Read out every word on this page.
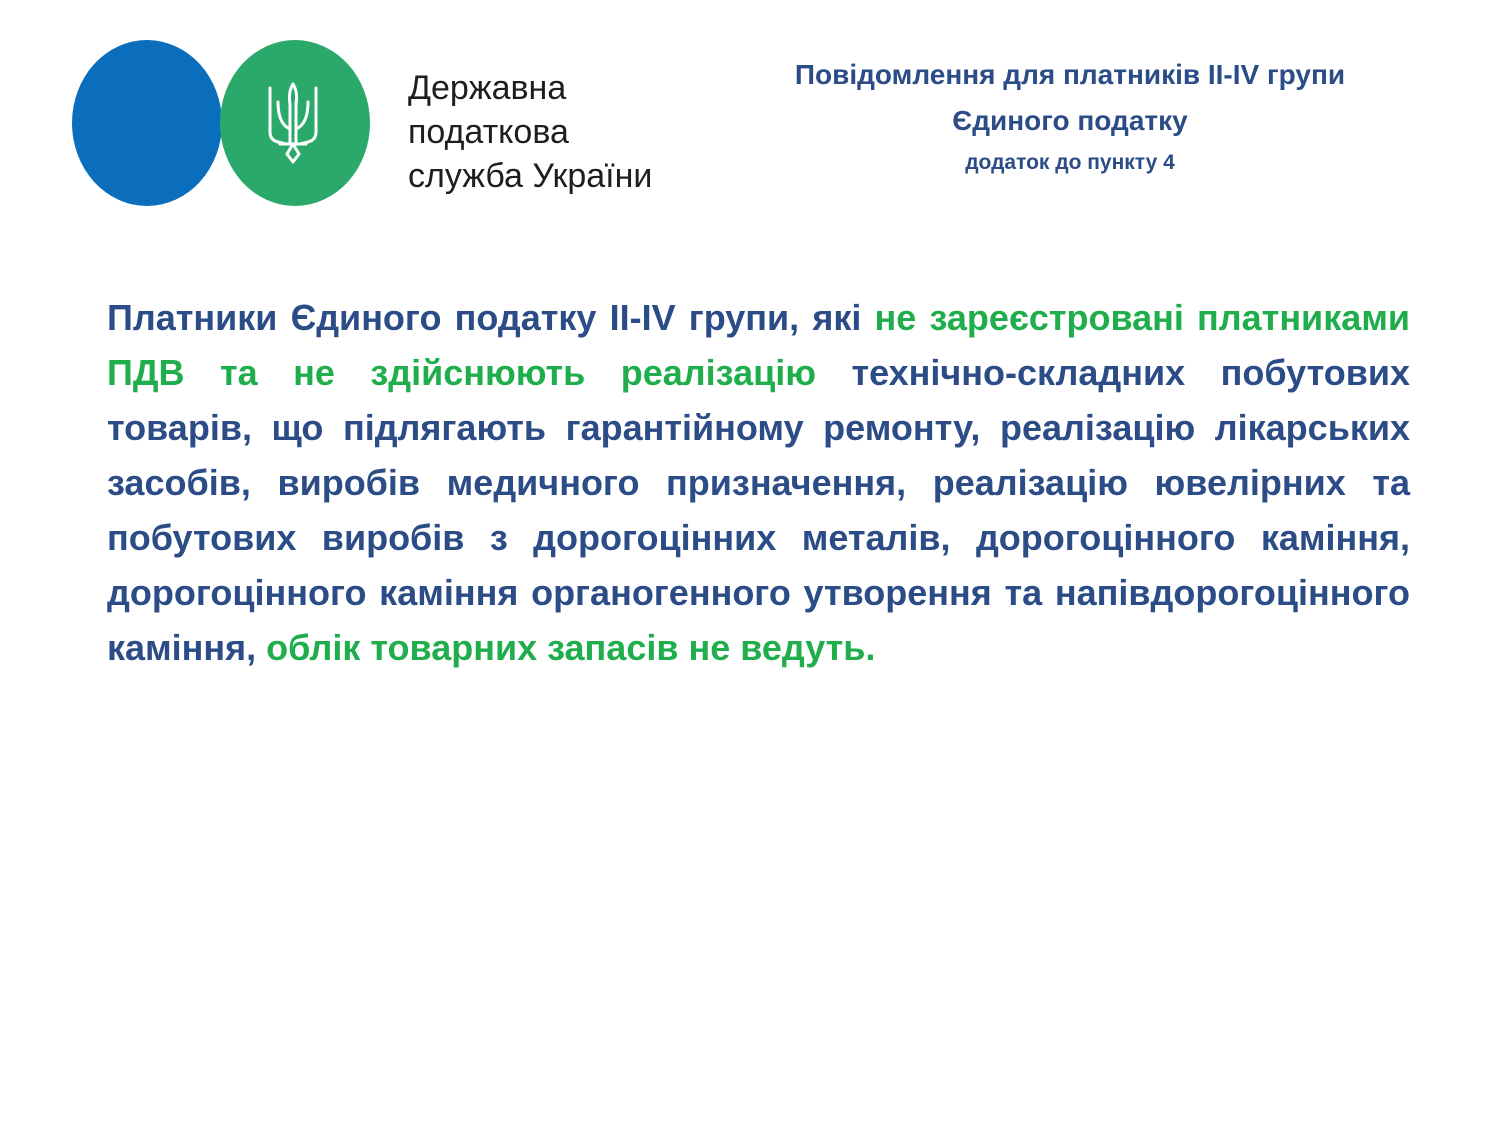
Державна
податкова
служба України
Повідомлення для платників II-IV групи
Єдиного податку
додаток до пункту 4

Платники Єдиного податку II-IV групи, які не зареєстровані платниками ПДВ та не здійснюють реалізацію технічно-складних побутових товарів, що підлягають гарантійному ремонту, реалізацію лікарських засобів, виробів медичного призначення, реалізацію ювелірних та побутових виробів з дорогоцінних металів, дорогоцінного каміння, дорогоцінного каміння органогенного утворення та напівдорогоцінного каміння, облік товарних запасів не ведуть.
